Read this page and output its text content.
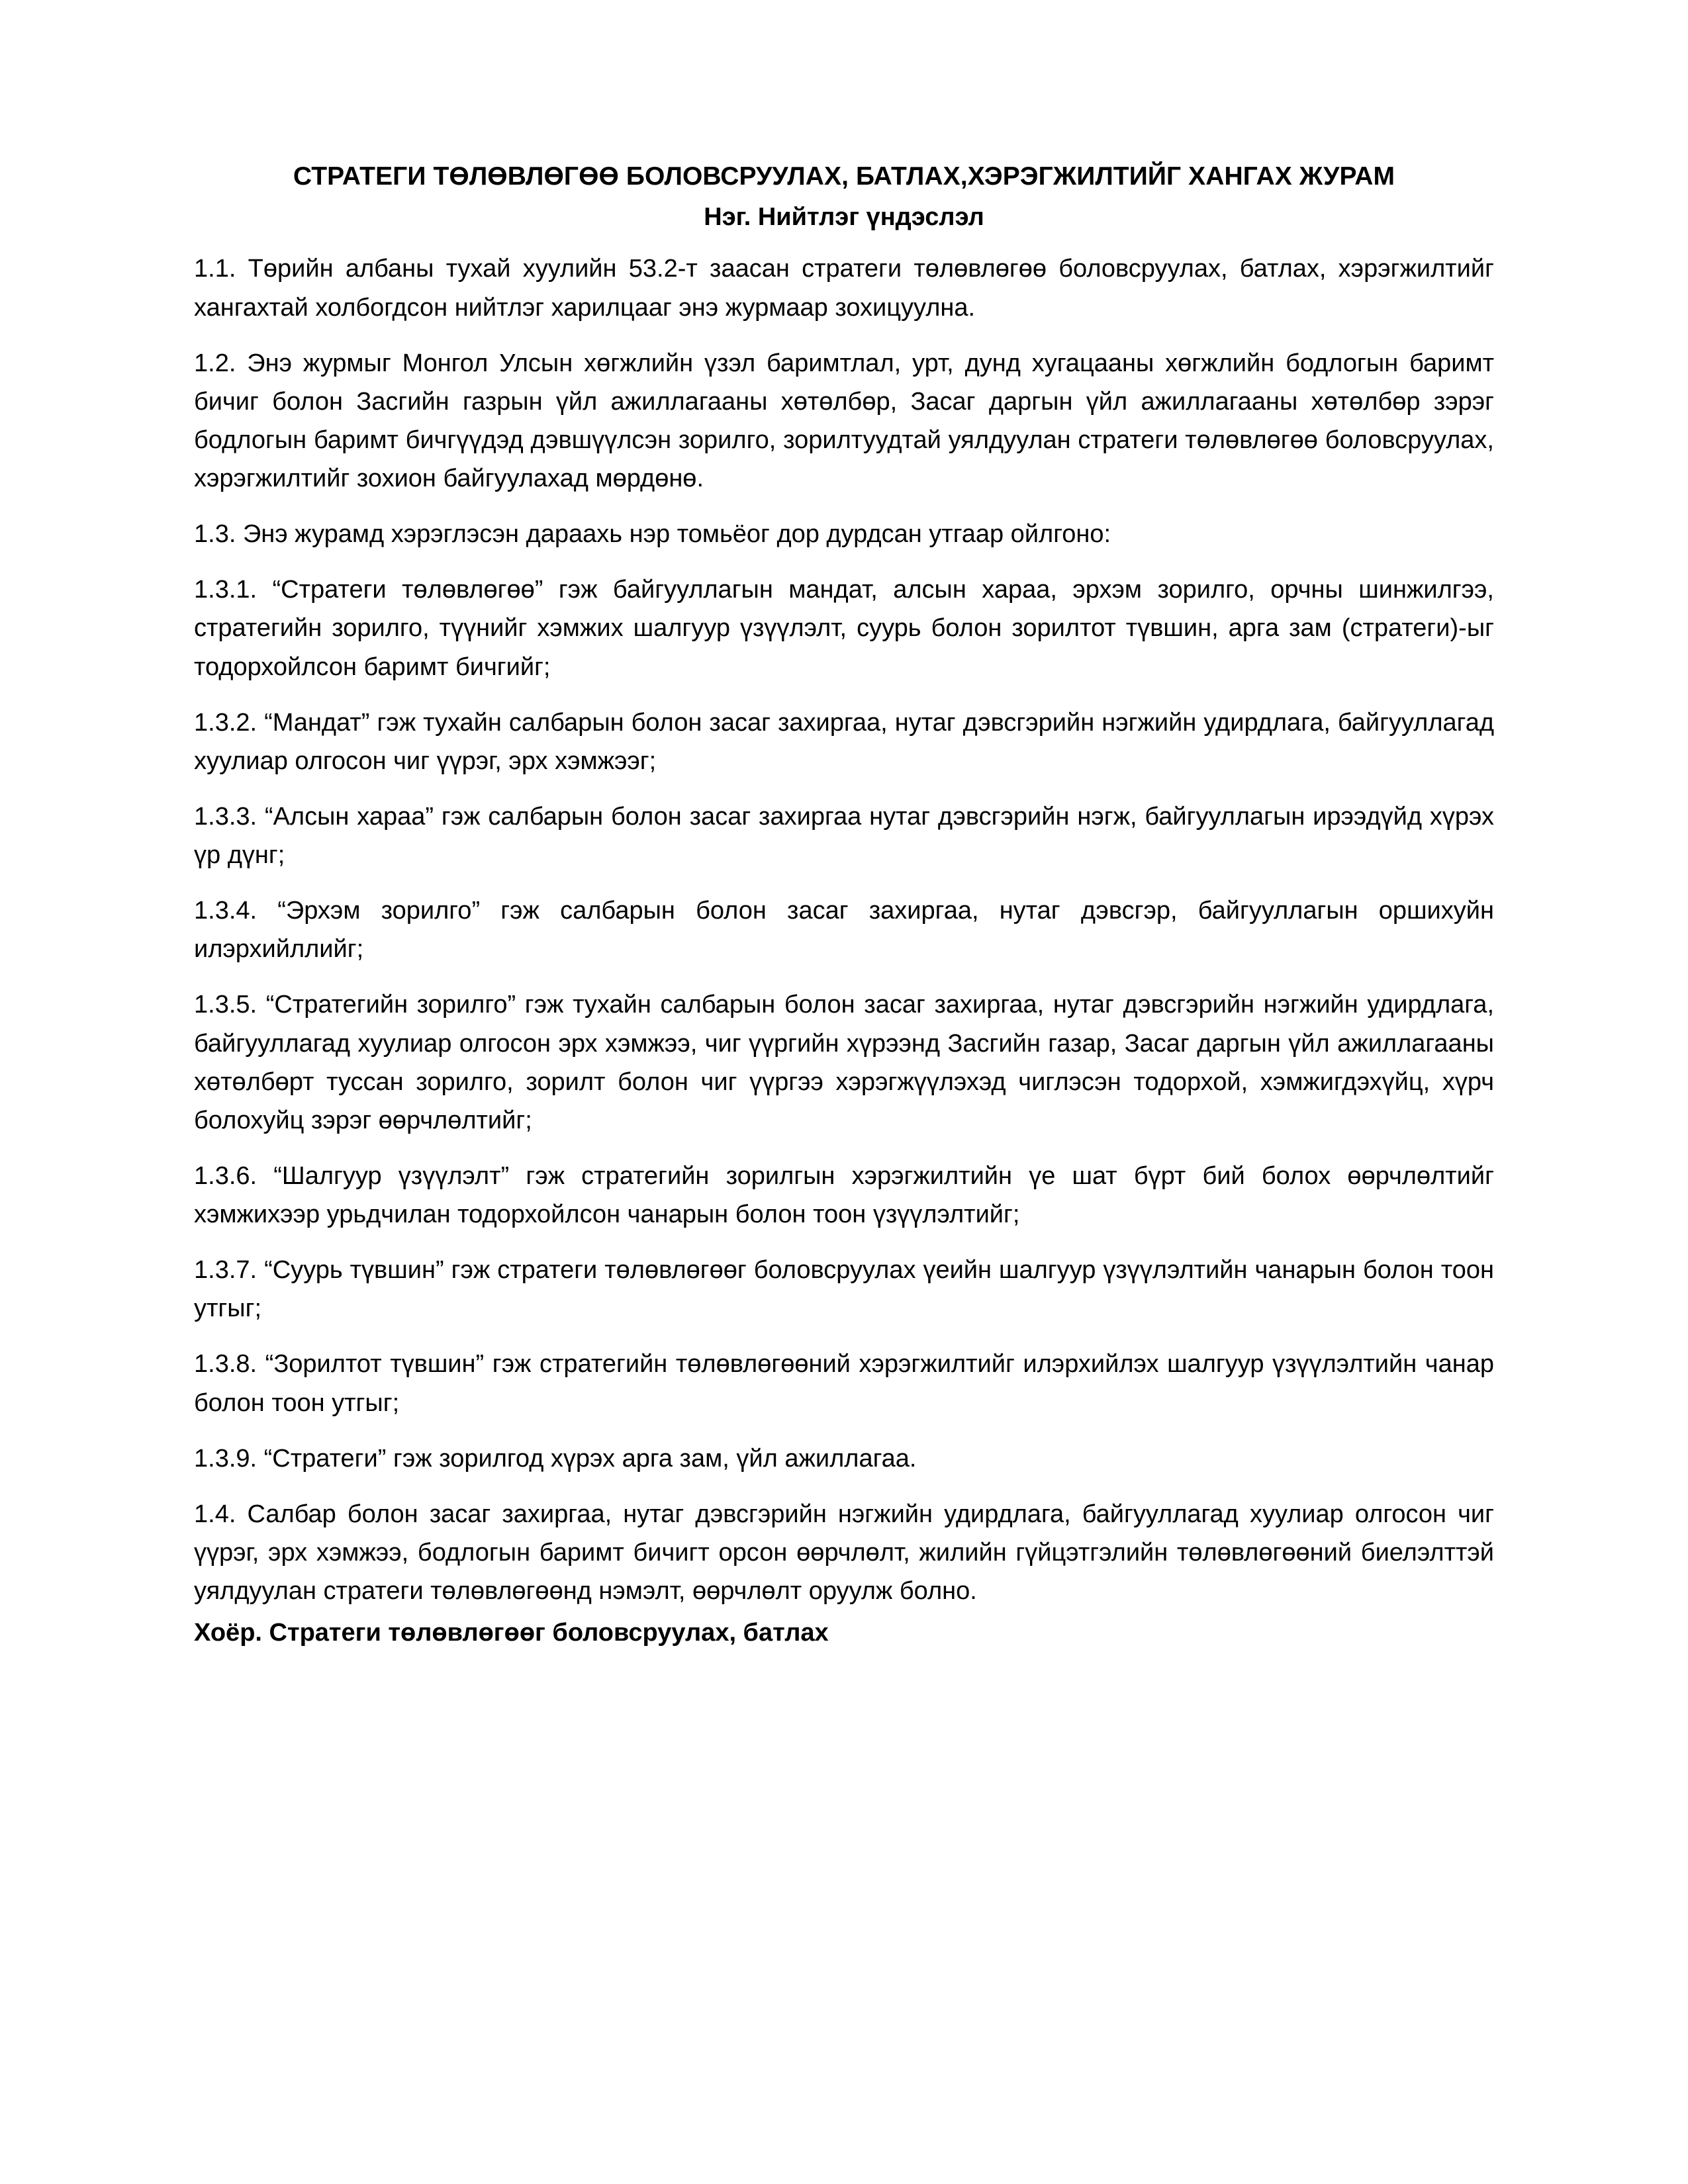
СТРАТЕГИ ТӨЛӨВЛӨГӨӨ БОЛОВСРУУЛАХ, БАТЛАХ,ХЭРЭГЖИЛТИЙГ ХАНГАХ ЖУРАМ
Нэг. Нийтлэг үндэслэл

1.1. Төрийн албаны тухай хуулийн 53.2-т заасан стратеги төлөвлөгөө боловсруулах, батлах, хэрэгжилтийг хангахтай холбогдсон нийтлэг харилцааг энэ журмаар зохицуулна.

1.2. Энэ журмыг Монгол Улсын хөгжлийн үзэл баримтлал, урт, дунд хугацааны хөгжлийн бодлогын баримт бичиг болон Засгийн газрын үйл ажиллагааны хөтөлбөр, Засаг даргын үйл ажиллагааны хөтөлбөр зэрэг бодлогын баримт бичгүүдэд дэвшүүлсэн зорилго, зорилтуудтай уялдуулан стратеги төлөвлөгөө боловсруулах, хэрэгжилтийг зохион байгуулахад мөрдөнө.

1.3. Энэ журамд хэрэглэсэн дараахь нэр томьёог дор дурдсан утгаар ойлгоно:

1.3.1. “Стратеги төлөвлөгөө” гэж байгууллагын мандат, алсын хараа, эрхэм зорилго, орчны шинжилгээ, стратегийн зорилго, түүнийг хэмжих шалгуур үзүүлэлт, суурь болон зорилтот түвшин, арга зам (стратеги)-ыг тодорхойлсон баримт бичгийг;

1.3.2. “Мандат” гэж тухайн салбарын болон засаг захиргаа, нутаг дэвсгэрийн нэгжийн удирдлага, байгууллагад хуулиар олгосон чиг үүрэг, эрх хэмжээг;

1.3.3. “Алсын хараа” гэж салбарын болон засаг захиргаа нутаг дэвсгэрийн нэгж, байгууллагын ирээдүйд хүрэх үр дүнг;

1.3.4. “Эрхэм зорилго” гэж салбарын болон засаг захиргаа, нутаг дэвсгэр, байгууллагын оршихуйн илэрхийллийг;

1.3.5. “Стратегийн зорилго” гэж тухайн салбарын болон засаг захиргаа, нутаг дэвсгэрийн нэгжийн удирдлага, байгууллагад хуулиар олгосон эрх хэмжээ, чиг үүргийн хүрээнд Засгийн газар, Засаг даргын үйл ажиллагааны хөтөлбөрт туссан зорилго, зорилт болон чиг үүргээ хэрэгжүүлэхэд чиглэсэн тодорхой, хэмжигдэхүйц, хүрч болохуйц зэрэг өөрчлөлтийг;

1.3.6. “Шалгуур үзүүлэлт” гэж стратегийн зорилгын хэрэгжилтийн үе шат бүрт бий болох өөрчлөлтийг хэмжихээр урьдчилан тодорхойлсон чанарын болон тоон үзүүлэлтийг;

1.3.7. “Суурь түвшин” гэж стратеги төлөвлөгөөг боловсруулах үеийн шалгуур үзүүлэлтийн чанарын болон тоон утгыг;

1.3.8. “Зорилтот түвшин” гэж стратегийн төлөвлөгөөний хэрэгжилтийг илэрхийлэх шалгуур үзүүлэлтийн чанар болон тоон утгыг;

1.3.9. “Стратеги” гэж зорилгод хүрэх арга зам, үйл ажиллагаа.

1.4. Салбар болон засаг захиргаа, нутаг дэвсгэрийн нэгжийн удирдлага, байгууллагад хуулиар олгосон чиг үүрэг, эрх хэмжээ, бодлогын баримт бичигт орсон өөрчлөлт, жилийн гүйцэтгэлийн төлөвлөгөөний биелэлттэй уялдуулан стратеги төлөвлөгөөнд нэмэлт, өөрчлөлт оруулж болно.

Хоёр. Стратеги төлөвлөгөөг боловсруулах, батлах
